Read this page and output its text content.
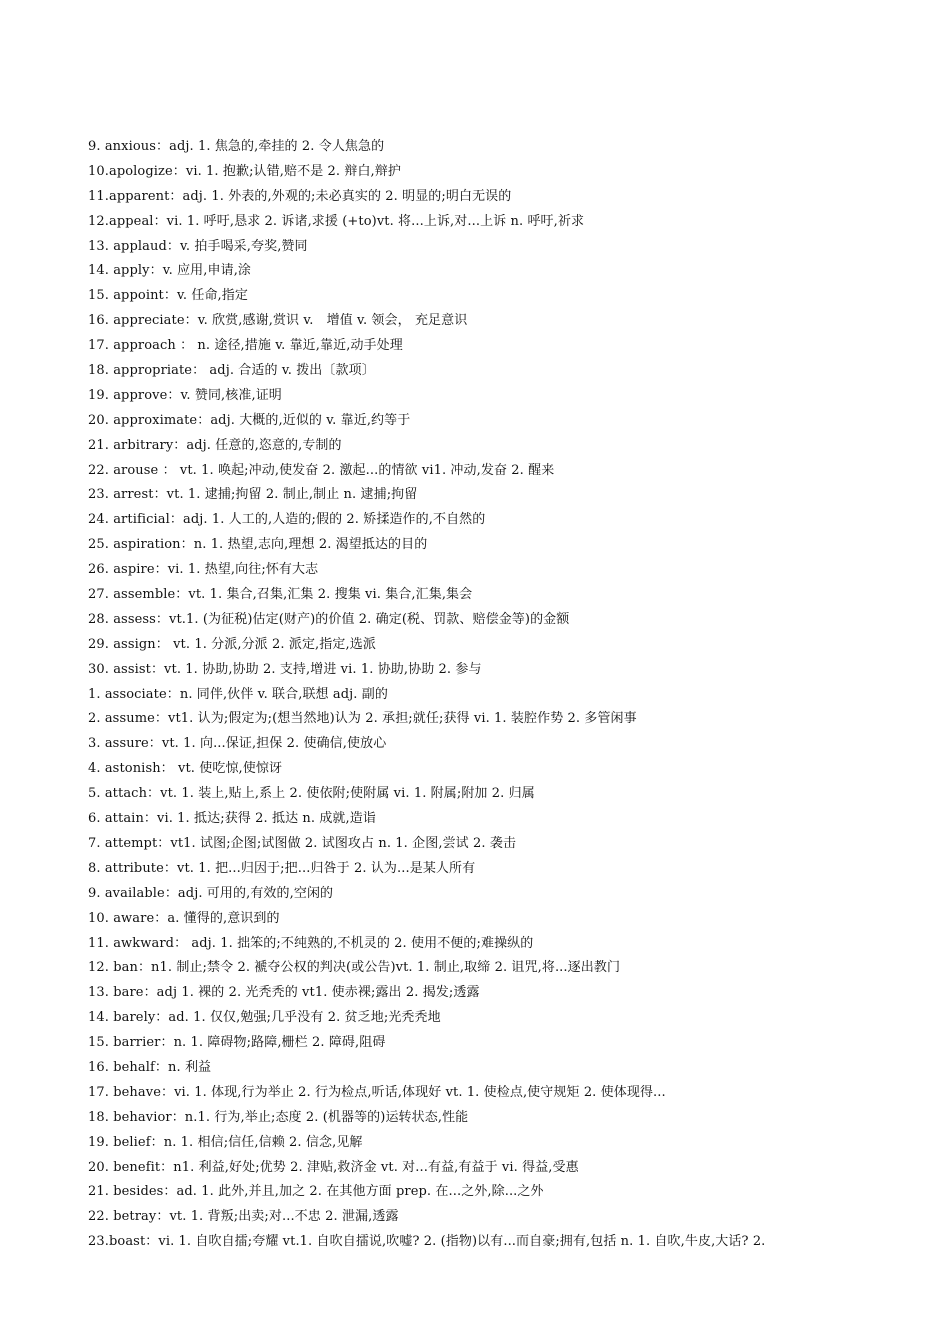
9. anxious：adj. 1. 焦急的,牵挂的 2. 令人焦急的
10.apologize：vi. 1. 抱歉;认错,赔不是 2. 辩白,辩护
11.apparent：adj. 1. 外表的,外观的;未必真实的 2. 明显的;明白无误的
12.appeal：vi. 1. 呼吁,恳求 2. 诉诸,求援 (+to)vt. 将...上诉,对...上诉 n. 呼吁,祈求
13. applaud：v. 拍手喝采,夸奖,赞同
14. apply：v. 应用,申请,涂
15. appoint：v. 任命,指定
16. appreciate：v. 欣赏,感谢,赏识 v.　增值 v. 领会， 充足意识
17. approach ： n. 途径,措施 v. 靠近,靠近,动手处理
18. appropriate： adj. 合适的 v. 拨出〔款项〕
19. approve：v. 赞同,核准,证明
20. approximate：adj. 大概的,近似的 v. 靠近,约等于
21. arbitrary：adj. 任意的,恣意的,专制的
22. arouse ： vt. 1. 唤起;冲动,使发奋 2. 激起...的情欲 vi1. 冲动,发奋 2. 醒来
23. arrest：vt. 1. 逮捕;拘留 2. 制止,制止 n. 逮捕;拘留
24. artificial：adj. 1. 人工的,人造的;假的 2. 矫揉造作的,不自然的
25. aspiration：n. 1. 热望,志向,理想 2. 渴望抵达的目的
26. aspire：vi. 1. 热望,向往;怀有大志
27. assemble：vt. 1. 集合,召集,汇集 2. 搜集 vi. 集合,汇集,集会
28. assess：vt.1. (为征税)估定(财产)的价值 2. 确定(税、罚款、赔偿金等)的金额
29. assign： vt. 1. 分派,分派 2. 派定,指定,选派
30. assist：vt. 1. 协助,协助 2. 支持,增进 vi. 1. 协助,协助 2. 参与
1. associate：n. 同伴,伙伴 v. 联合,联想 adj. 副的
2. assume：vt1. 认为;假定为;(想当然地)认为 2. 承担;就任;获得 vi. 1. 装腔作势 2. 多管闲事
3. assure：vt. 1. 向...保证,担保 2. 使确信,使放心
4. astonish： vt. 使吃惊,使惊讶
5. attach：vt. 1. 装上,贴上,系上 2. 使依附;使附属 vi. 1. 附属;附加 2. 归属
6. attain：vi. 1. 抵达;获得 2. 抵达 n. 成就,造诣
7. attempt：vt1. 试图;企图;试图做 2. 试图攻占 n. 1. 企图,尝试 2. 袭击
8. attribute：vt. 1. 把...归因于;把...归咎于 2. 认为...是某人所有
9. available：adj. 可用的,有效的,空闲的
10. aware：a. 懂得的,意识到的
11. awkward： adj. 1. 拙笨的;不纯熟的,不机灵的 2. 使用不便的;难操纵的
12. ban：n1. 制止;禁令 2. 褫夺公权的判决(或公告)vt. 1. 制止,取缔 2. 诅咒,将...逐出教门
13. bare：adj 1. 裸的 2. 光秃秃的 vt1. 使赤裸;露出 2. 揭发;透露
14. barely：ad. 1. 仅仅,勉强;几乎没有 2. 贫乏地;光秃秃地
15. barrier：n. 1. 障碍物;路障,栅栏 2. 障碍,阻碍
16. behalf：n. 利益
17. behave：vi. 1. 体现,行为举止 2. 行为检点,听话,体现好 vt. 1. 使检点,使守规矩 2. 使体现得...
18. behavior：n.1. 行为,举止;态度 2. (机器等的)运转状态,性能
19. belief：n. 1. 相信;信任,信赖 2. 信念,见解
20. benefit：n1. 利益,好处;优势 2. 津贴,救济金 vt. 对...有益,有益于 vi. 得益,受惠
21. besides：ad. 1. 此外,并且,加之 2. 在其他方面 prep. 在...之外,除...之外
22. betray：vt. 1. 背叛;出卖;对...不忠 2. 泄漏,透露
23.boast：vi. 1. 自吹自擂;夸耀 vt.1. 自吹自擂说,吹嘘? 2. (指物)以有...而自豪;拥有,包括 n. 1. 自吹,牛皮,大话? 2.
